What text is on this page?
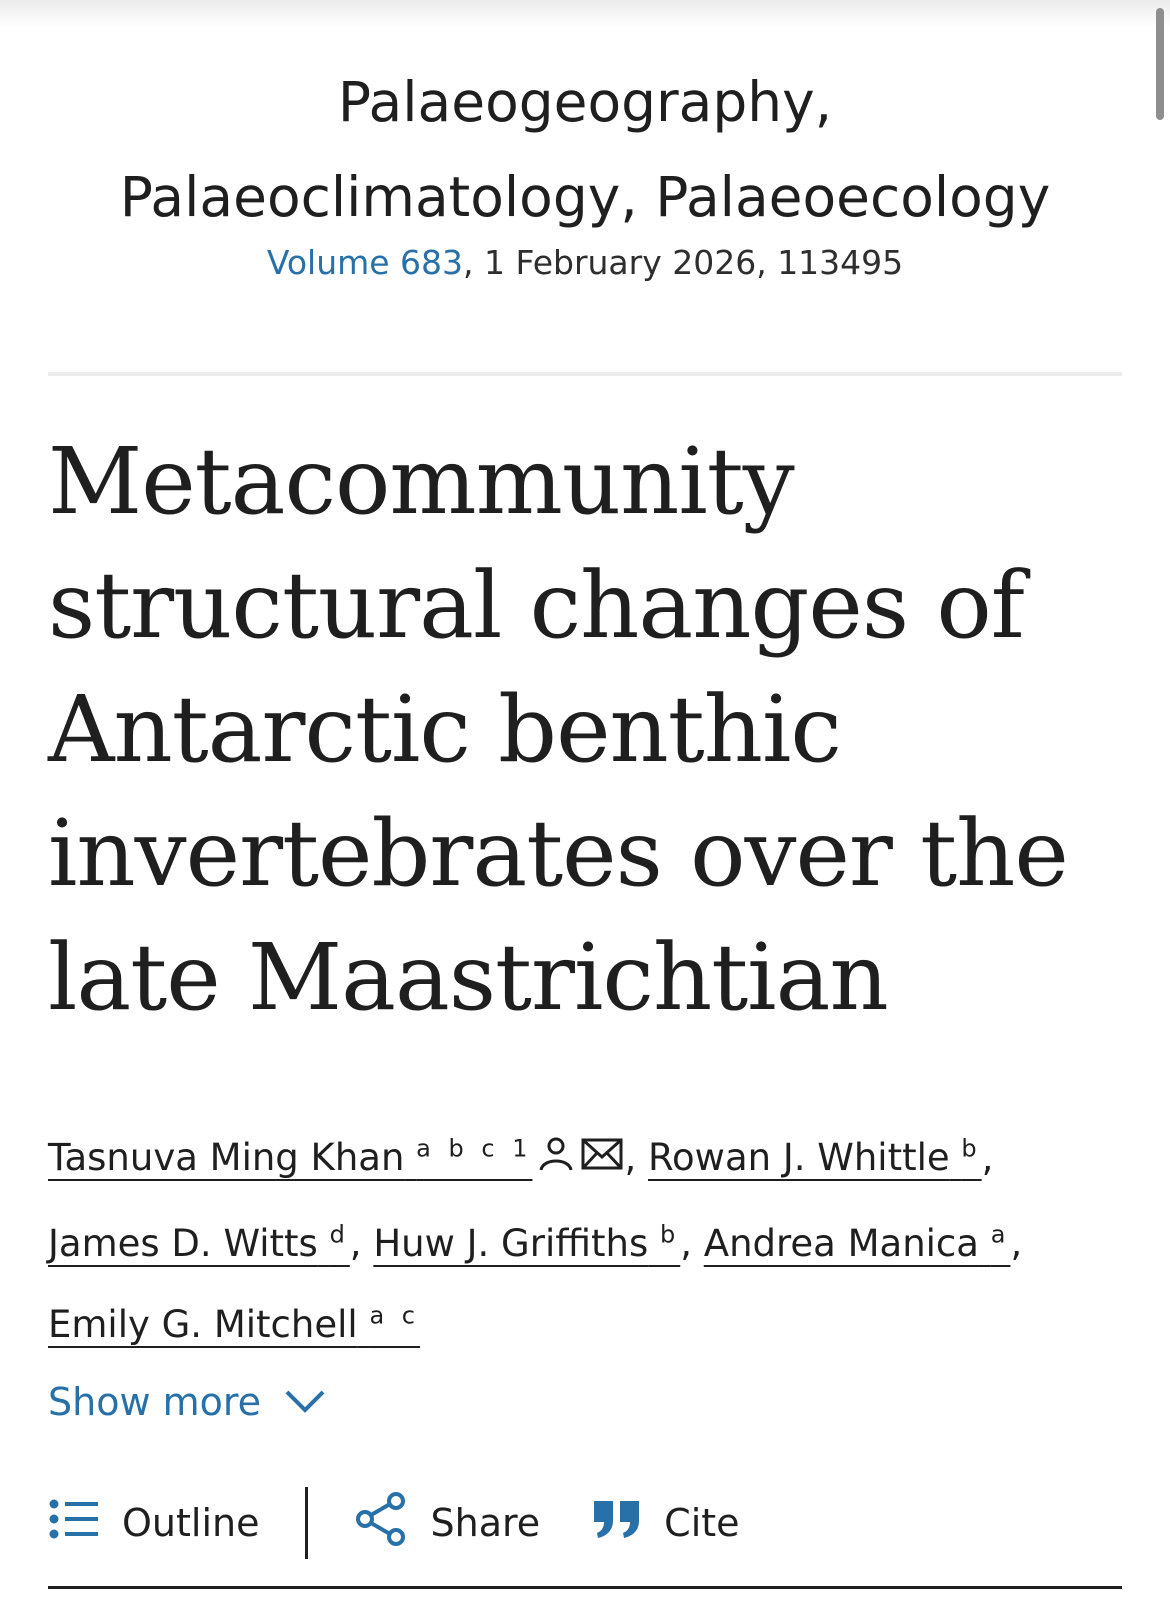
Palaeogeography,
Palaeoclimatology, Palaeoecology
Volume 683, 1 February 2026, 113495
Metacommunity structural changes of Antarctic benthic invertebrates over the late Maastrichtian
Tasnuva Ming Khan $^{a b c 1}$ , Rowan J. Whittle $^b$,
James D. Witts $^d$, Huw J. Griffiths $^b$, Andrea Manica $^a$,
Emily G. Mitchell $^{a c}$
Show more
Outline	Share	Cite
